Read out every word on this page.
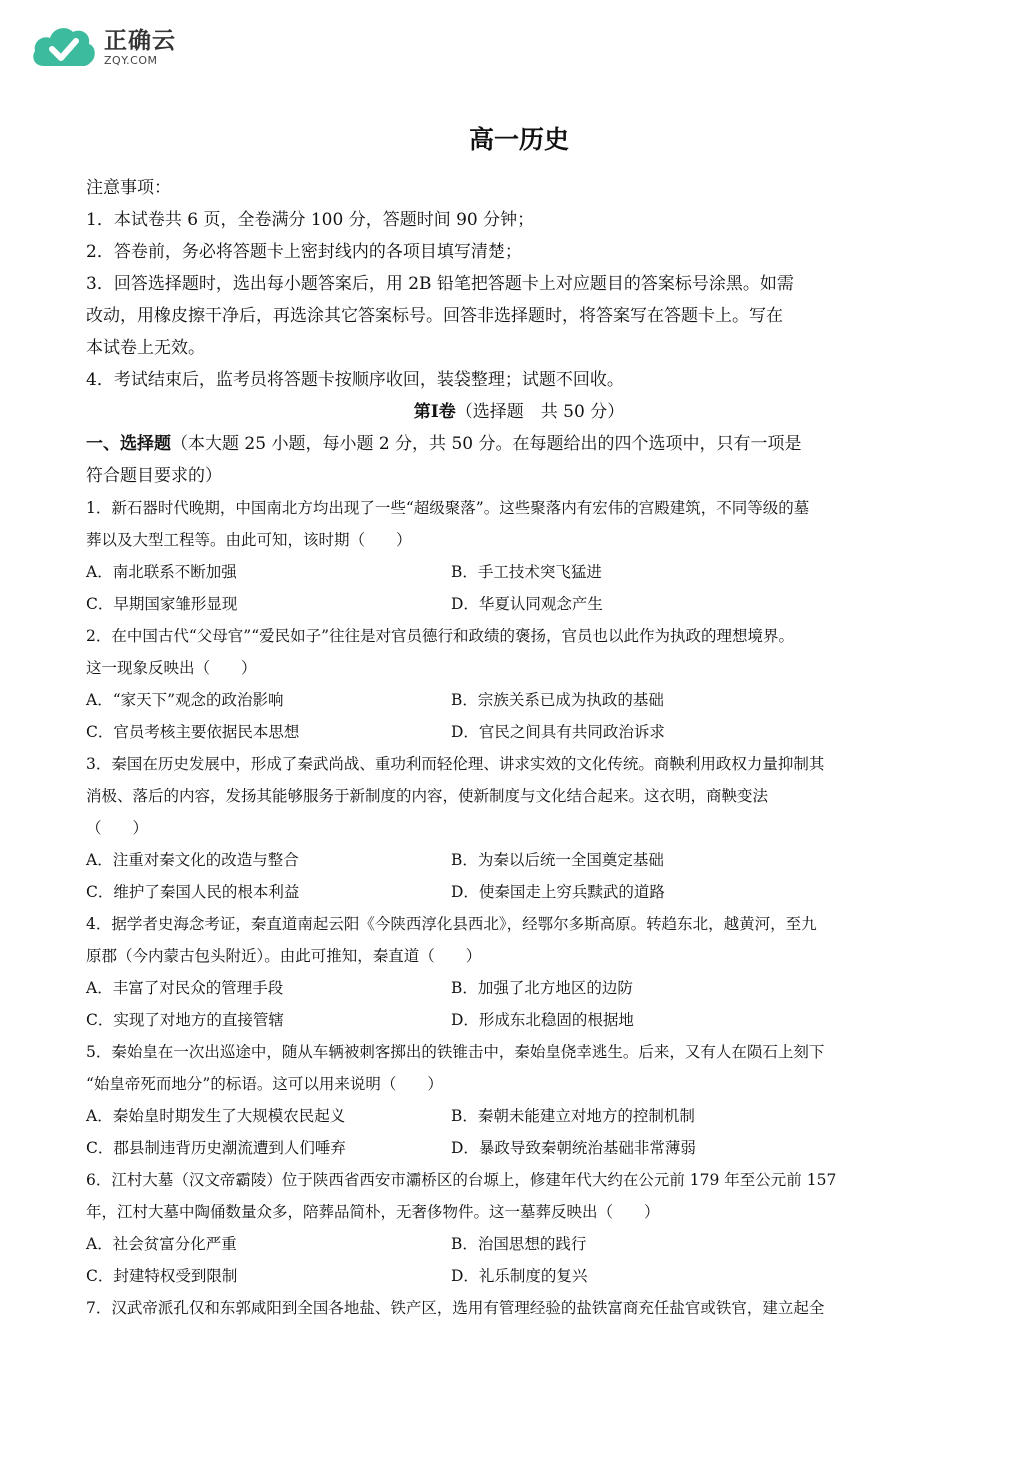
正确云
ZQY.COM
高一历史

注意事项：

1．本试卷共 6 页，全卷满分 100 分，答题时间 90 分钟；

2．答卷前，务必将答题卡上密封线内的各项目填写清楚；

3．回答选择题时，选出每小题答案后，用 2B 铅笔把答题卡上对应题目的答案标号涂黑。如需

改动，用橡皮擦干净后，再选涂其它答案标号。回答非选择题时，将答案写在答题卡上。写在

本试卷上无效。

4．考试结束后，监考员将答题卡按顺序收回，装袋整理；试题不回收。

第Ⅰ卷（选择题　共 50 分）

一、选择题（本大题 25 小题，每小题 2 分，共 50 分。在每题给出的四个选项中，只有一项是

符合题目要求的）

1．新石器时代晚期，中国南北方均出现了一些“超级聚落”。这些聚落内有宏伟的宫殿建筑，不同等级的墓

葬以及大型工程等。由此可知，该时期（　　）

A．南北联系不断加强	B．手工技术突飞猛进
C．早期国家雏形显现	D．华夏认同观念产生

2．在中国古代“父母官”“爱民如子”往往是对官员德行和政绩的褒扬，官员也以此作为执政的理想境界。

这一现象反映出（　　）

A．“家天下”观念的政治影响	B．宗族关系已成为执政的基础
C．官员考核主要依据民本思想	D．官民之间具有共同政治诉求

3．秦国在历史发展中，形成了秦武尚战、重功利而轻伦理、讲求实效的文化传统。商鞅利用政权力量抑制其

消极、落后的内容，发扬其能够服务于新制度的内容，使新制度与文化结合起来。这衣明，商鞅变法

（　　）

A．注重对秦文化的改造与整合	B．为秦以后统一全国奠定基础
C．维护了秦国人民的根本利益	D．使秦国走上穷兵黩武的道路

4．据学者史海念考证，秦直道南起云阳《今陕西淳化县西北》，经鄂尔多斯高原。转趋东北，越黄河，至九

原郡（今内蒙古包头附近）。由此可推知，秦直道（　　）

A．丰富了对民众的管理手段	B．加强了北方地区的边防
C．实现了对地方的直接管辖	D．形成东北稳固的根据地

5．秦始皇在一次出巡途中，随从车辆被刺客掷出的铁锥击中，秦始皇侥幸逃生。后来，又有人在陨石上刻下

“始皇帝死而地分”的标语。这可以用来说明（　　）

A．秦始皇时期发生了大规模农民起义	B．秦朝未能建立对地方的控制机制
C．郡县制违背历史潮流遭到人们唾弃	D．暴政导致秦朝统治基础非常薄弱

6．江村大墓（汉文帝霸陵）位于陕西省西安市灞桥区的台塬上，修建年代大约在公元前 179 年至公元前 157

年，江村大墓中陶俑数量众多，陪葬品简朴，无奢侈物件。这一墓葬反映出（　　）

A．社会贫富分化严重	B．治国思想的践行
C．封建特权受到限制	D．礼乐制度的复兴

7．汉武帝派孔仅和东郭咸阳到全国各地盐、铁产区，选用有管理经验的盐铁富商充任盐官或铁官，建立起全
